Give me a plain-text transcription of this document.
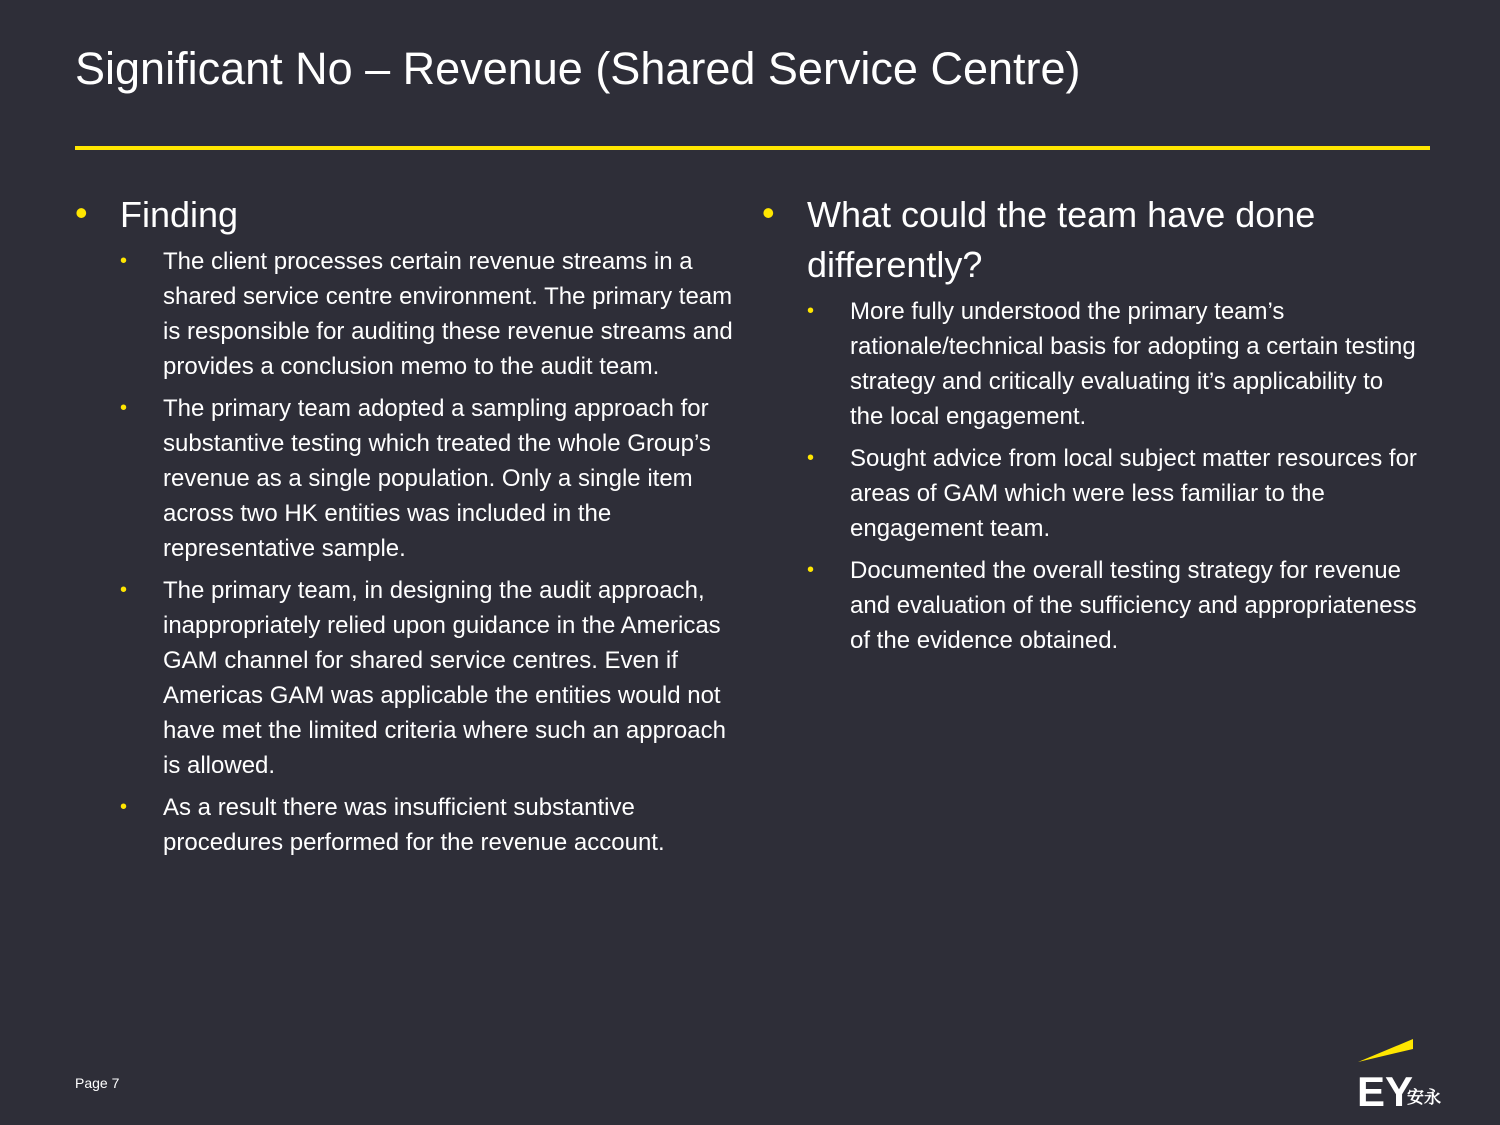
Significant No – Revenue (Shared Service Centre)
• Finding
• The client processes certain revenue streams in a shared service centre environment. The primary team is responsible for auditing these revenue streams and provides a conclusion memo to the audit team.
• The primary team adopted a sampling approach for substantive testing which treated the whole Group’s revenue as a single population. Only a single item across two HK entities was included in the representative sample.
• The primary team, in designing the audit approach, inappropriately relied upon guidance in the Americas GAM channel for shared service centres. Even if Americas GAM was applicable the entities would not have met the limited criteria where such an approach is allowed.
• As a result there was insufficient substantive procedures performed for the revenue account.
• What could the team have done differently?
• More fully understood the primary team’s rationale/technical basis for adopting a certain testing strategy and critically evaluating it’s applicability to the local engagement.
• Sought advice from local subject matter resources for areas of GAM which were less familiar to the engagement team.
• Documented the overall testing strategy for revenue and evaluation of the sufficiency and appropriateness of the evidence obtained.
Page 7	EY
安永
